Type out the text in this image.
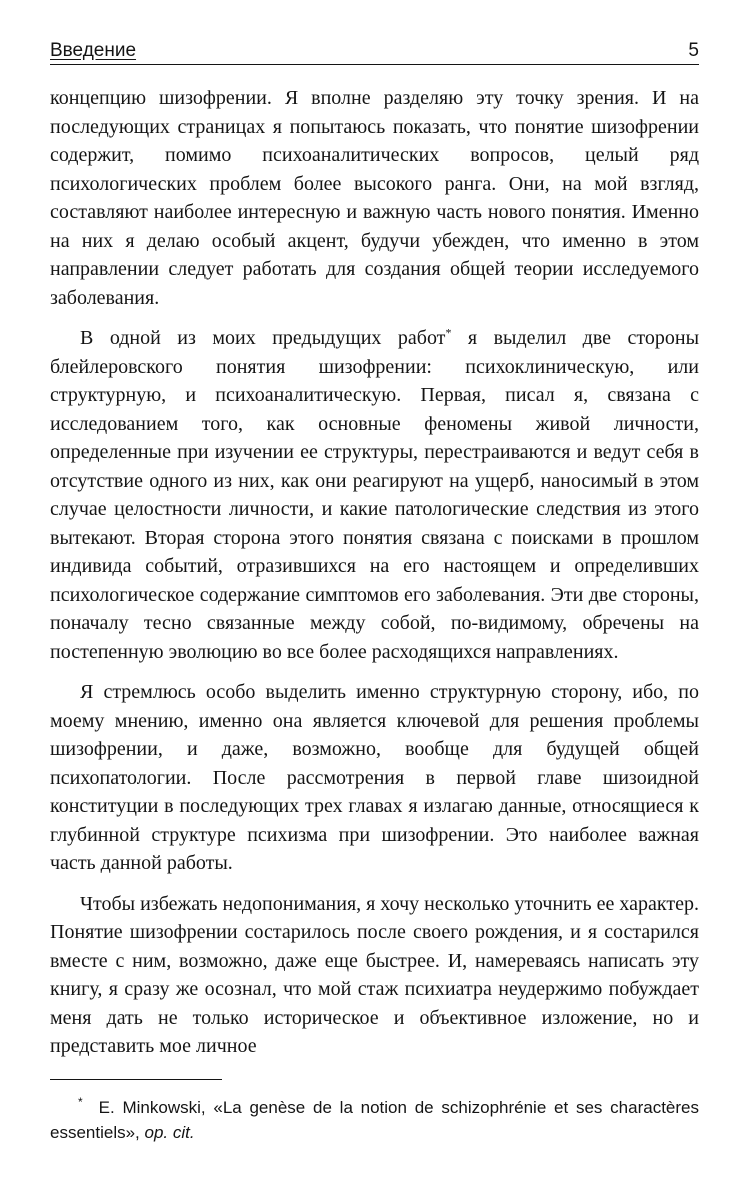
Введение	5

концепцию шизофрении. Я вполне разделяю эту точку зрения. И на последующих страницах я попытаюсь показать, что понятие шизофрении содержит, помимо психоаналитических вопросов, целый ряд психологических проблем более высокого ранга. Они, на мой взгляд, составляют наиболее интересную и важную часть нового понятия. Именно на них я делаю особый акцент, будучи убежден, что именно в этом направлении следует работать для создания общей теории исследуемого заболевания.

В одной из моих предыдущих работ* я выделил две стороны блейлеровского понятия шизофрении: психоклиническую, или структурную, и психоаналитическую. Первая, писал я, связана с исследованием того, как основные феномены живой личности, определенные при изучении ее структуры, перестраиваются и ведут себя в отсутствие одного из них, как они реагируют на ущерб, наносимый в этом случае целостности личности, и какие патологические следствия из этого вытекают. Вторая сторона этого понятия связана с поисками в прошлом индивида событий, отразившихся на его настоящем и определивших психологическое содержание симптомов его заболевания. Эти две стороны, поначалу тесно связанные между собой, по-видимому, обречены на постепенную эволюцию во все более расходящихся направлениях.

Я стремлюсь особо выделить именно структурную сторону, ибо, по моему мнению, именно она является ключевой для решения проблемы шизофрении, и даже, возможно, вообще для будущей общей психопатологии. После рассмотрения в первой главе шизоидной конституции в последующих трех главах я излагаю данные, относящиеся к глубинной структуре психизма при шизофрении. Это наиболее важная часть данной работы.

Чтобы избежать недопонимания, я хочу несколько уточнить ее характер. Понятие шизофрении состарилось после своего рождения, и я состарился вместе с ним, возможно, даже еще быстрее. И, намереваясь написать эту книгу, я сразу же осознал, что мой стаж психиатра неудержимо побуждает меня дать не только историческое и объективное изложение, но и представить мое личное

* E. Minkowski, «La genèse de la notion de schizophrénie et ses charactères essentiels», op. cit.
